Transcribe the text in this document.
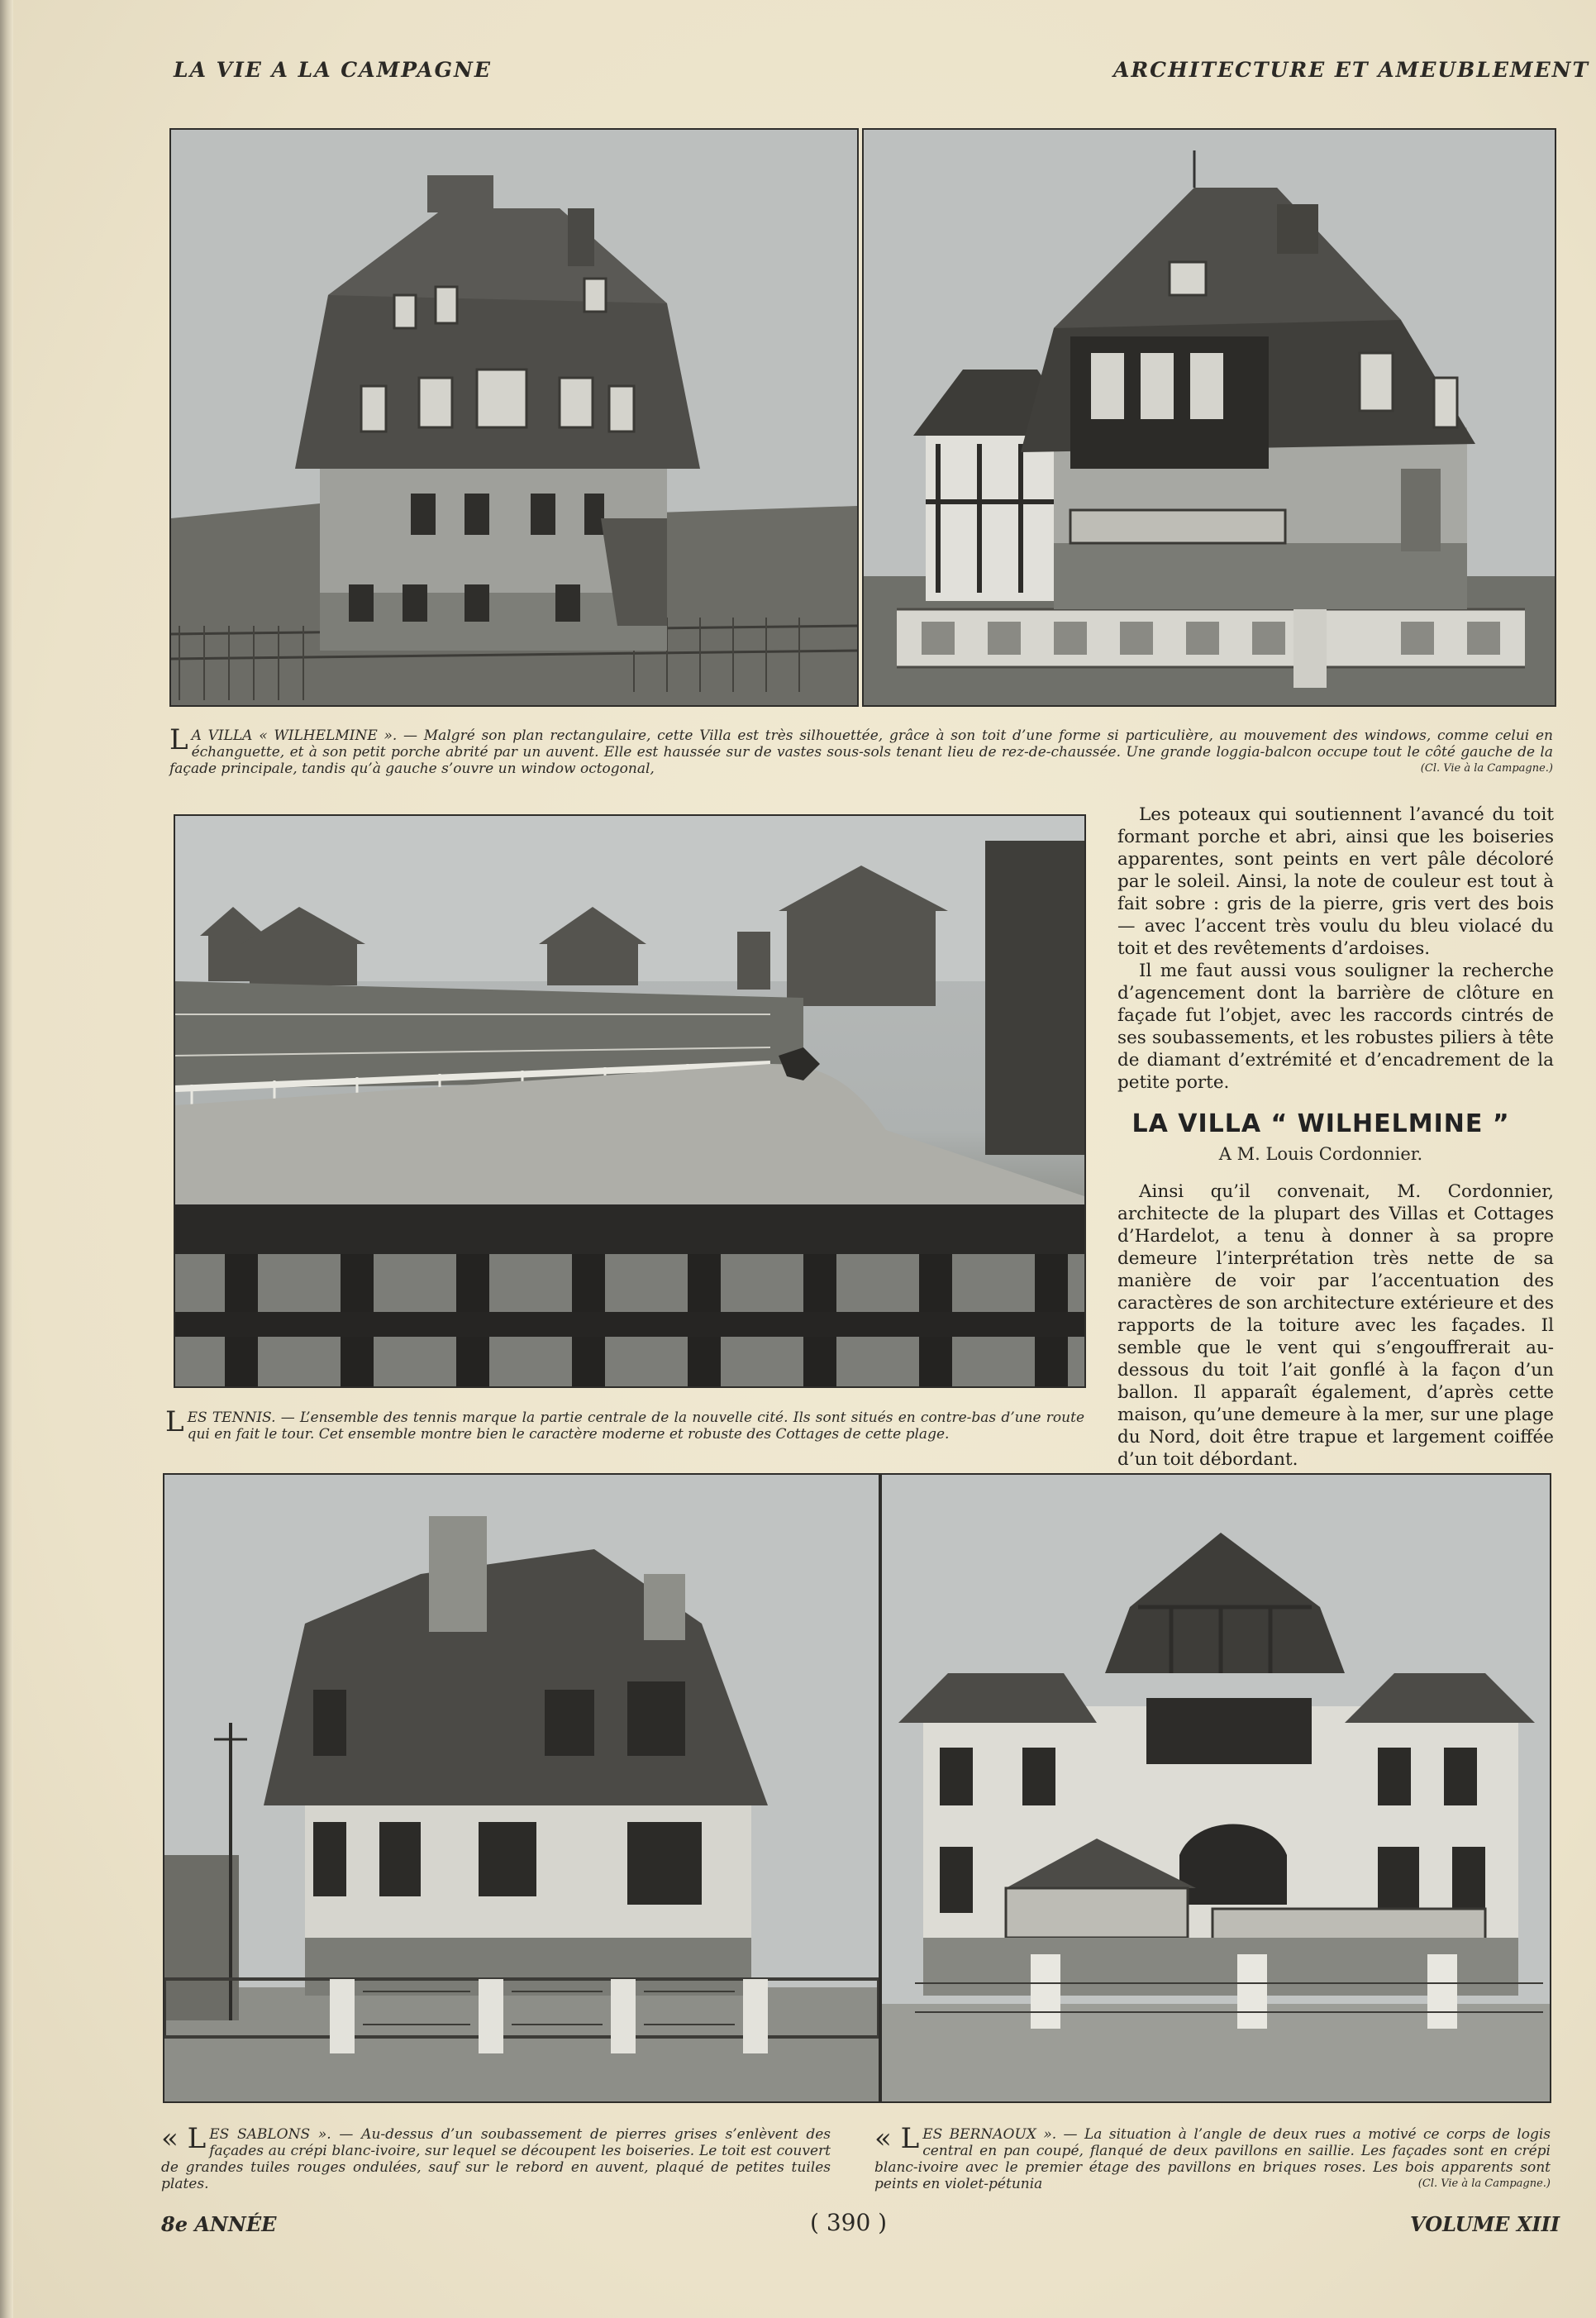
LA VIE A LA CAMPAGNE	ARCHITECTURE ET AMEUBLEMENT
L A VILLA « WILHELMINE ». — Malgré son plan rectangulaire, cette Villa est très silhouettée, grâce à son toit d’une forme si particulière, au mouvement des windows, comme celui en échanguette, et à son petit porche abrité par un auvent. Elle est haussée sur de vastes sous-sols tenant lieu de rez-de-chaussée. Une grande loggia-balcon occupe tout le côté gauche de la façade principale, tandis qu’à gauche s’ouvre un window octogonal,	(Cl. Vie à la Campagne.)
L ES TENNIS. — L’ensemble des tennis marque la partie centrale de la nouvelle cité. Ils sont situés en contre-bas d’une route qui en fait le tour. Cet ensemble montre bien le caractère moderne et robuste des Cottages de cette plage.

Les poteaux qui soutiennent l’avancé du toit formant porche et abri, ainsi que les boiseries apparentes, sont peints en vert pâle décoloré par le soleil. Ainsi, la note de couleur est tout à fait sobre : gris de la pierre, gris vert des bois — avec l’accent très voulu du bleu violacé du toit et des revêtements d’ardoises.

Il me faut aussi vous souligner la recherche d’agencement dont la barrière de clôture en façade fut l’objet, avec les raccords cintrés de ses soubassements, et les robustes piliers à tête de diamant d’extrémité et d’encadrement de la petite porte.

LA VILLA “ WILHELMINE ”
A M. Louis Cordonnier.

Ainsi qu’il convenait, M. Cordonnier, architecte de la plupart des Villas et Cottages d’Hardelot, a tenu à donner à sa propre demeure l’interprétation très nette de sa manière de voir par l’accentuation des caractères de son architecture extérieure et des rapports de la toiture avec les façades. Il semble que le vent qui s’engouffrerait au-dessous du toit l’ait gonflé à la façon d’un ballon. Il apparaît également, d’après cette maison, qu’une demeure à la mer, sur une plage du Nord, doit être trapue et largement coiffée d’un toit débordant.

« L ES SABLONS ». — Au-dessus d’un soubassement de pierres grises s’enlèvent des façades au crépi blanc-ivoire, sur lequel se découpent les boiseries. Le toit est couvert de grandes tuiles rouges ondulées, sauf sur le rebord en auvent, plaqué de petites tuiles plates.
« L ES BERNAOUX ». — La situation à l’angle de deux rues a motivé ce corps de logis central en pan coupé, flanqué de deux pavillons en saillie. Les façades sont en crépi blanc-ivoire avec le premier étage des pavillons en briques roses. Les bois apparents sont peints en violet-pétunia	(Cl. Vie à la Campagne.)
8e ANNÉE	( 390 )	VOLUME XIII
